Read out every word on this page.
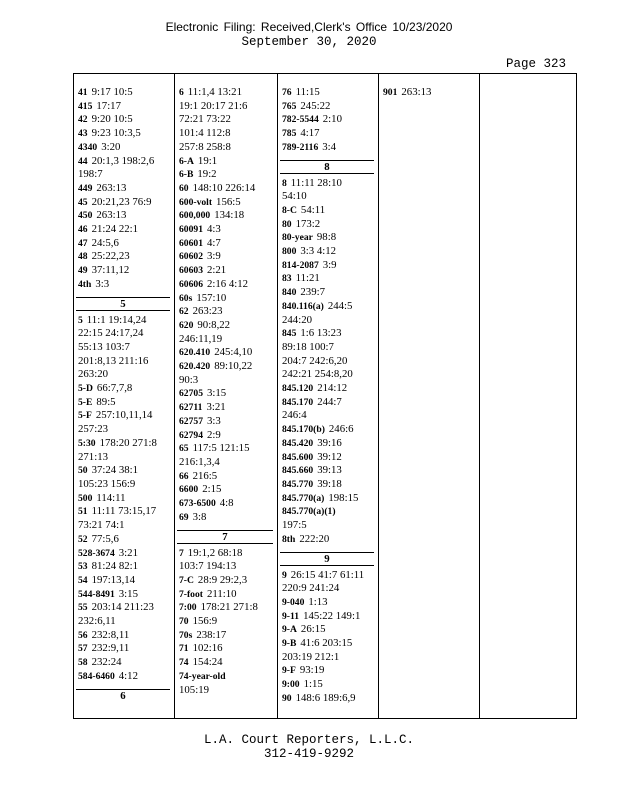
Electronic Filing: Received,Clerk's Office 10/23/2020
September 30, 2020
Page 323
41 9:17 10:5
415 17:17
42 9:20 10:5
43 9:23 10:3,5
4340 3:20
44 20:1,3 198:2,6
198:7
449 263:13
45 20:21,23 76:9
450 263:13
46 21:24 22:1
47 24:5,6
48 25:22,23
49 37:11,12
4th 3:3
5
5 11:1 19:14,24
22:15 24:17,24
55:13 103:7
201:8,13 211:16
263:20
5-D 66:7,7,8
5-E 89:5
5-F 257:10,11,14
257:23
5:30 178:20 271:8
271:13
50 37:24 38:1
105:23 156:9
500 114:11
51 11:11 73:15,17
73:21 74:1
52 77:5,6
528-3674 3:21
53 81:24 82:1
54 197:13,14
544-8491 3:15
55 203:14 211:23
232:6,11
56 232:8,11
57 232:9,11
58 232:24
584-6460 4:12
6
6 11:1,4 13:21
19:1 20:17 21:6
72:21 73:22
101:4 112:8
257:8 258:8
6-A 19:1
6-B 19:2
60 148:10 226:14
600-volt 156:5
600,000 134:18
60091 4:3
60601 4:7
60602 3:9
60603 2:21
60606 2:16 4:12
60s 157:10
62 263:23
620 90:8,22
246:11,19
620.410 245:4,10
620.420 89:10,22
90:3
62705 3:15
62711 3:21
62757 3:3
62794 2:9
65 117:5 121:15
216:1,3,4
66 216:5
6600 2:15
673-6500 4:8
69 3:8
7
7 19:1,2 68:18
103:7 194:13
7-C 28:9 29:2,3
7-foot 211:10
7:00 178:21 271:8
70 156:9
70s 238:17
71 102:16
74 154:24
74-year-old
105:19
76 11:15
765 245:22
782-5544 2:10
785 4:17
789-2116 3:4
8
8 11:11 28:10
54:10
8-C 54:11
80 173:2
80-year 98:8
800 3:3 4:12
814-2087 3:9
83 11:21
840 239:7
840.116(a) 244:5
244:20
845 1:6 13:23
89:18 100:7
204:7 242:6,20
242:21 254:8,20
845.120 214:12
845.170 244:7
246:4
845.170(b) 246:6
845.420 39:16
845.600 39:12
845.660 39:13
845.770 39:18
845.770(a) 198:15
845.770(a)(1)
197:5
8th 222:20
9
9 26:15 41:7 61:11
220:9 241:24
9-040 1:13
9-11 145:22 149:1
9-A 26:15
9-B 41:6 203:15
203:19 212:1
9-F 93:19
9:00 1:15
90 148:6 189:6,9
901 263:13
L.A. Court Reporters, L.L.C.
312-419-9292
